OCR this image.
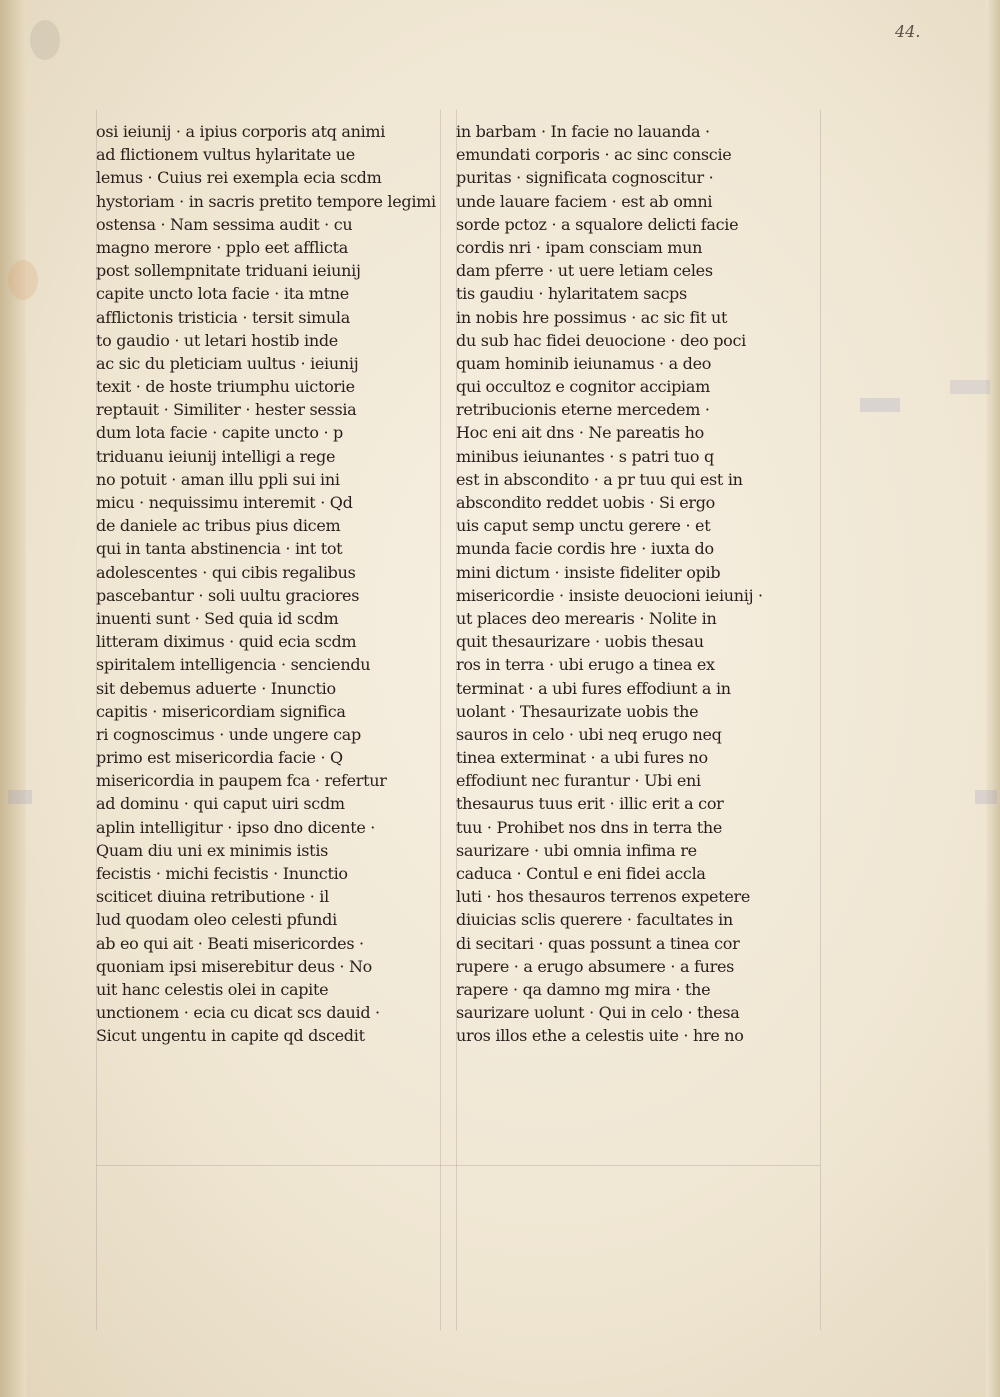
44.
osi ieiunij · a ipius corporis atq animi
ad flictionem vultus hylaritate ue
lemus · Cuius rei exempla ecia scdm
hystoriam · in sacris pretito tempore legimi
ostensa · Nam sessima audit · cu
magno merore · pplo eet afflicta
post sollempnitate triduani ieiunij
capite uncto lota facie · ita mtne
afflictonis tristicia · tersit simula
to gaudio · ut letari hostib inde
ac sic du pleticiam uultus · ieiunij
texit · de hoste triumphu uictorie
reptauit · Similiter · hester sessia
dum lota facie · capite uncto · p
triduanu ieiunij intelligi a rege
no potuit · aman illu ppli sui ini
micu · nequissimu interemit · Qd
de daniele ac tribus pius dicem
qui in tanta abstinencia · int tot
adolescentes · qui cibis regalibus
pascebantur · soli uultu graciores
inuenti sunt · Sed quia id scdm
litteram diximus · quid ecia scdm
spiritalem intelligencia · senciendu
sit debemus aduerte · Inunctio
capitis · misericordiam significa
ri cognoscimus · unde ungere cap
primo est misericordia facie · Q
misericordia in paupem fca · refertur
ad dominu · qui caput uiri scdm
aplin intelligitur · ipso dno dicente ·
Quam diu uni ex minimis istis
fecistis · michi fecistis · Inunctio
sciticet diuina retributione · il
lud quodam oleo celesti pfundi
ab eo qui ait · Beati misericordes ·
quoniam ipsi miserebitur deus · No
uit hanc celestis olei in capite
unctionem · ecia cu dicat scs dauid ·
Sicut ungentu in capite qd dscedit
in barbam · In facie no lauanda ·
emundati corporis · ac sinc conscie
puritas · significata cognoscitur ·
unde lauare faciem · est ab omni
sorde pctoz · a squalore delicti facie
cordis nri · ipam consciam mun
dam pferre · ut uere letiam celes
tis gaudiu · hylaritatem sacps
in nobis hre possimus · ac sic fit ut
du sub hac fidei deuocione · deo poci
quam hominib ieiunamus · a deo
qui occultoz e cognitor accipiam
retribucionis eterne mercedem ·
Hoc eni ait dns · Ne pareatis ho
minibus ieiunantes · s patri tuo q
est in abscondito · a pr tuu qui est in
abscondito reddet uobis · Si ergo
uis caput semp unctu gerere · et
munda facie cordis hre · iuxta do
mini dictum · insiste fideliter opib
misericordie · insiste deuocioni ieiunij ·
ut places deo merearis · Nolite in
quit thesaurizare · uobis thesau
ros in terra · ubi erugo a tinea ex
terminat · a ubi fures effodiunt a in
uolant · Thesaurizate uobis the
sauros in celo · ubi neq erugo neq
tinea exterminat · a ubi fures no
effodiunt nec furantur · Ubi eni
thesaurus tuus erit · illic erit a cor
tuu · Prohibet nos dns in terra the
saurizare · ubi omnia infima re
caduca · Contul e eni fidei accla
luti · hos thesauros terrenos expetere
diuicias sclis querere · facultates in
di secitari · quas possunt a tinea cor
rupere · a erugo absumere · a fures
rapere · qa damno mg mira · the
saurizare uolunt · Qui in celo · thesa
uros illos ethe a celestis uite · hre no
